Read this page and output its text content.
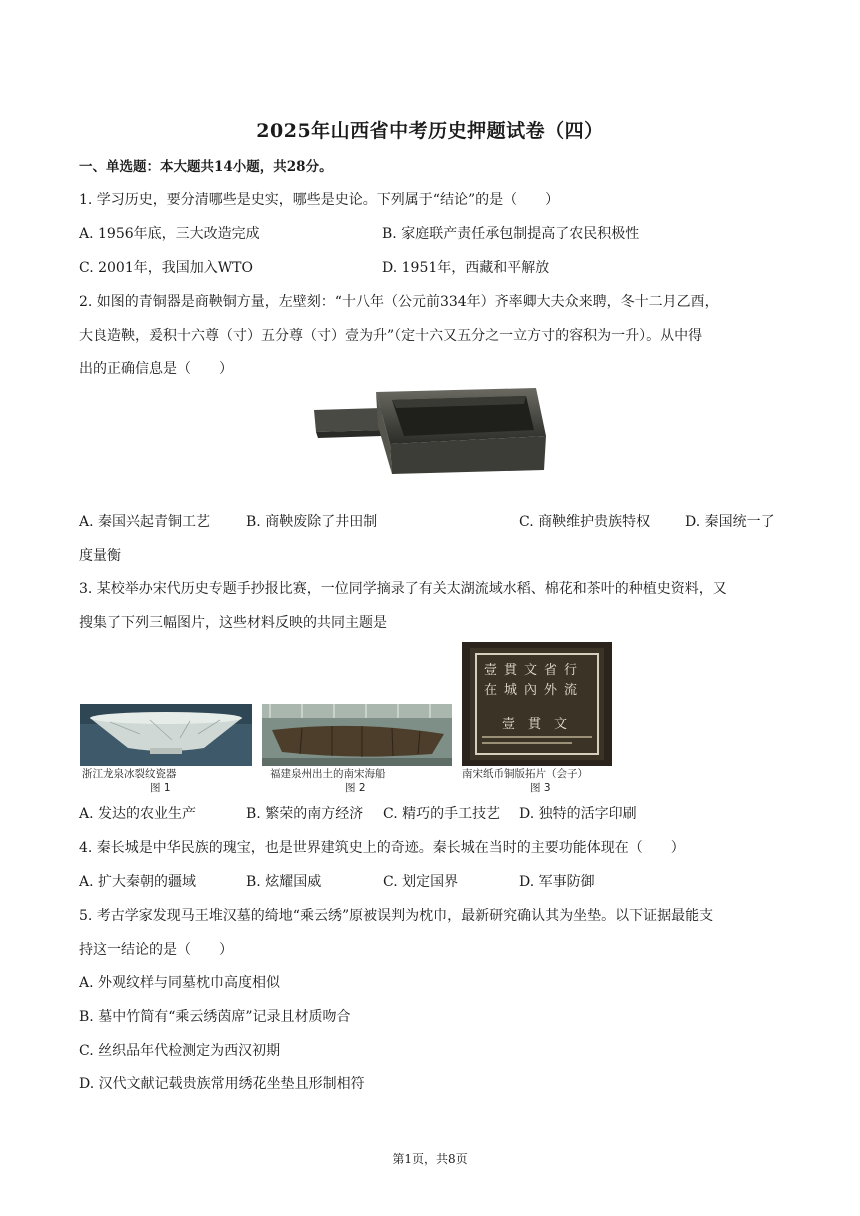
2025年山西省中考历史押题试卷（四）
一、单选题：本大题共14小题，共28分。
1. 学习历史，要分清哪些是史实，哪些是史论。下列属于“结论”的是（　　）
A. 1956年底，三大改造完成	B. 家庭联产责任承包制提高了农民积极性
C. 2001年，我国加入WTO	D. 1951年，西藏和平解放
2. 如图的青铜器是商鞅铜方量，左壁刻：“十八年（公元前334年）齐率卿大夫众来聘，冬十二月乙酉，
大良造鞅，爰积十六尊（寸）五分尊（寸）壹为升”（定十六又五分之一立方寸的容积为一升）。从中得
出的正确信息是（　　）
A. 秦国兴起青铜工艺	B. 商鞅废除了井田制	C. 商鞅维护贵族特权 D. 秦国统一了
度量衡
3. 某校举办宋代历史专题手抄报比赛，一位同学摘录了有关太湖流域水稻、棉花和茶叶的种植史资料，又
搜集了下列三幅图片，这些材料反映的共同主题是
壹 貫 文 省 行
在 城 內 外 流
壹 貫 文
浙江龙泉冰裂纹瓷器	福建泉州出土的南宋海船	南宋纸币铜版拓片（会子）
图 1	图 2	图 3
A. 发达的农业生产	B. 繁荣的南方经济 C. 精巧的手工技艺 D. 独特的活字印刷
4. 秦长城是中华民族的瑰宝，也是世界建筑史上的奇迹。秦长城在当时的主要功能体现在（　　）
A. 扩大秦朝的疆域	B. 炫耀国威	C. 划定国界	D. 军事防御
5. 考古学家发现马王堆汉墓的绮地“乘云绣”原被误判为枕巾，最新研究确认其为坐垫。以下证据最能支
持这一结论的是（　　）
A. 外观纹样与同墓枕巾高度相似
B. 墓中竹简有“乘云绣茵席”记录且材质吻合
C. 丝织品年代检测定为西汉初期
D. 汉代文献记载贵族常用绣花坐垫且形制相符
第1页，共8页
